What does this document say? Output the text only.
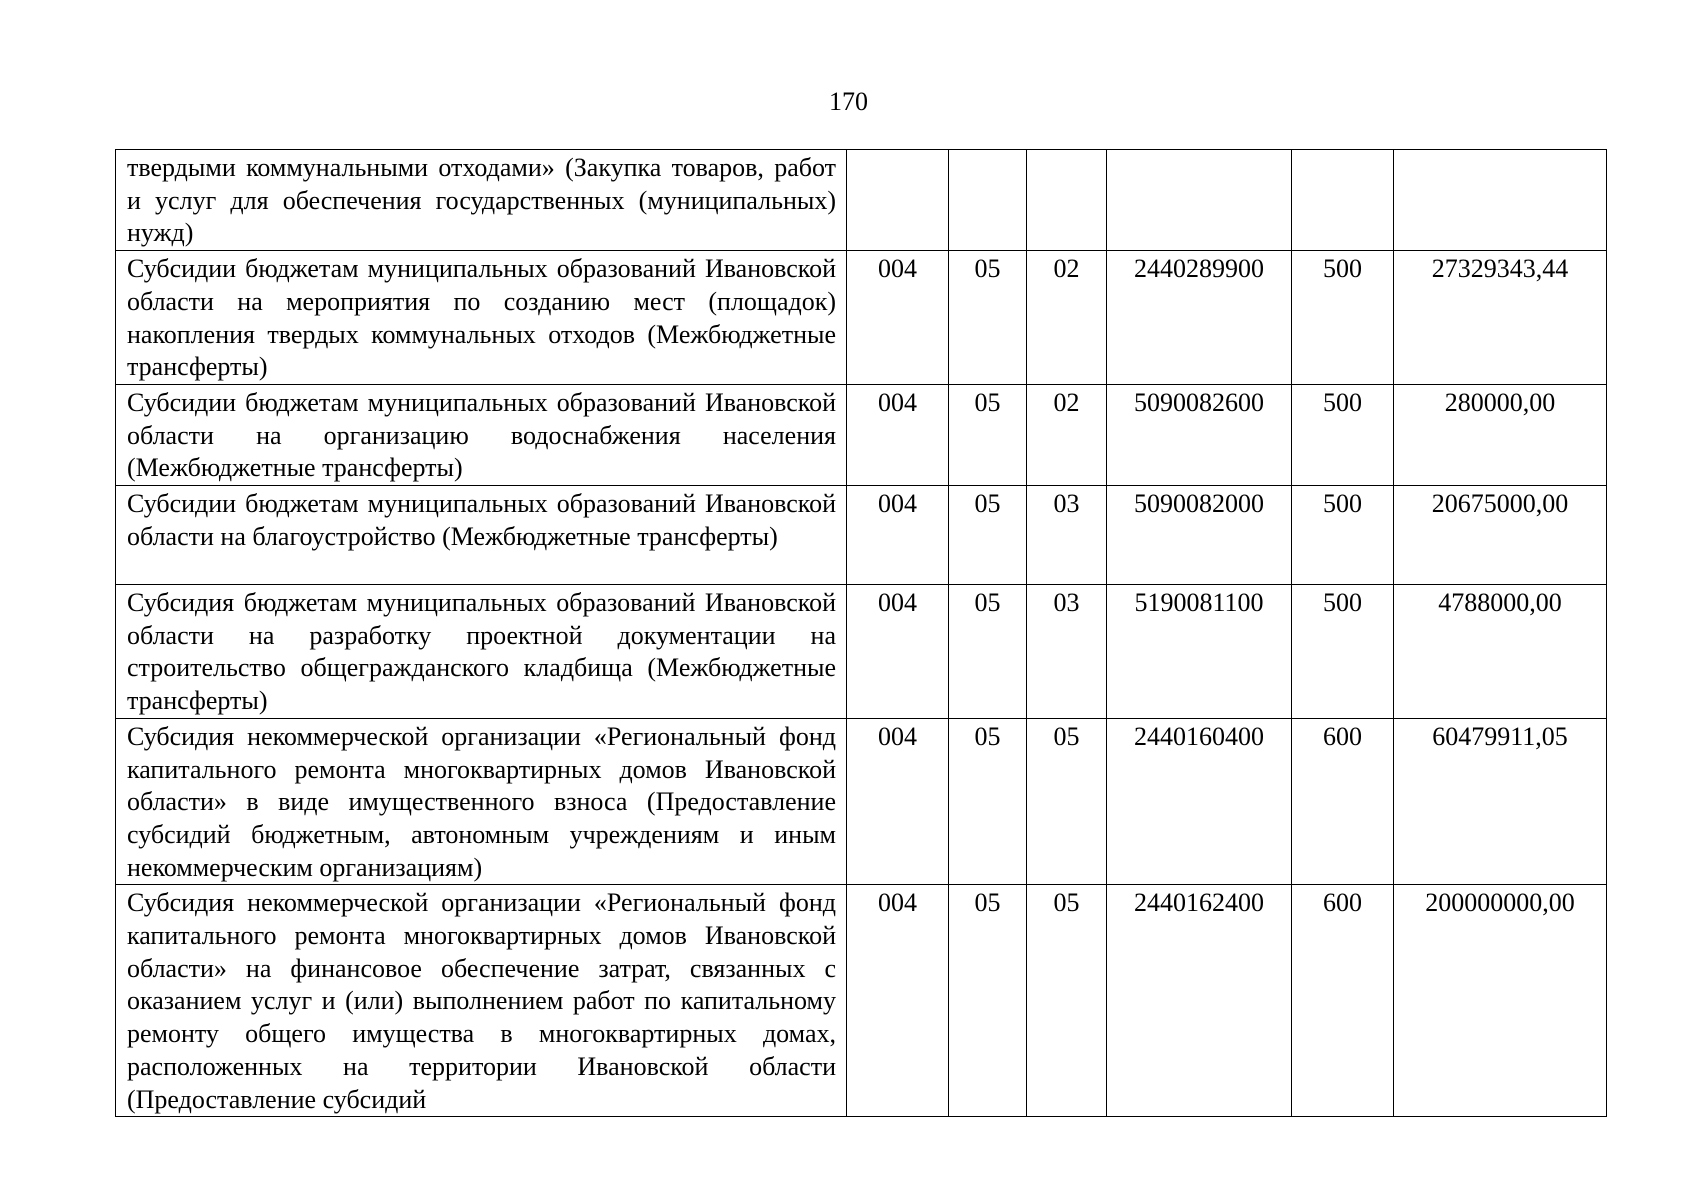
170
твердыми коммунальными отходами» (Закупка товаров, работ и услуг для обеспечения государственных (муниципальных) нужд)						
Субсидии бюджетам муниципальных образований Ивановской области на мероприятия по созданию мест (площадок) накопления твердых коммунальных отходов (Межбюджетные трансферты)	004	05	02	2440289900	500	27329343,44
Субсидии бюджетам муниципальных образований Ивановской области на организацию водоснабжения населения (Межбюджетные трансферты)	004	05	02	5090082600	500	280000,00
Субсидии бюджетам муниципальных образований Ивановской области на благоустройство (Межбюджетные трансферты)	004	05	03	5090082000	500	20675000,00
Субсидия бюджетам муниципальных образований Ивановской области на разработку проектной документации на строительство общегражданского кладбища (Межбюджетные трансферты)	004	05	03	5190081100	500	4788000,00
Субсидия некоммерческой организации «Региональный фонд капитального ремонта многоквартирных домов Ивановской области» в виде имущественного взноса (Предоставление субсидий бюджетным, автономным учреждениям и иным некоммерческим организациям)	004	05	05	2440160400	600	60479911,05
Субсидия некоммерческой организации «Региональный фонд капитального ремонта многоквартирных домов Ивановской области» на финансовое обеспечение затрат, связанных с оказанием услуг и (или) выполнением работ по капитальному ремонту общего имущества в многоквартирных домах, расположенных на территории Ивановской области (Предоставление субсидий	004	05	05	2440162400	600	200000000,00
